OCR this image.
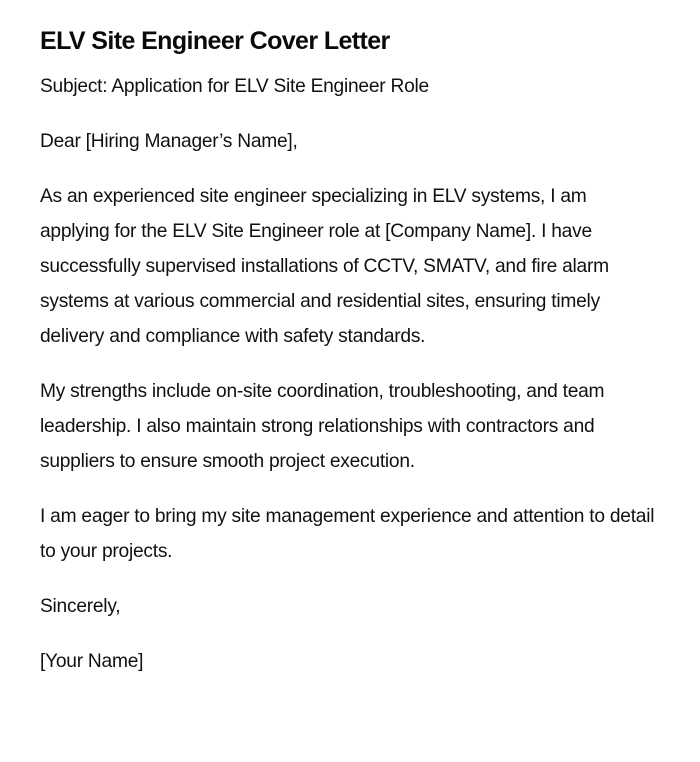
ELV Site Engineer Cover Letter

Subject: Application for ELV Site Engineer Role

Dear [Hiring Manager’s Name],

As an experienced site engineer specializing in ELV systems, I am applying for the ELV Site Engineer role at [Company Name]. I have successfully supervised installations of CCTV, SMATV, and fire alarm systems at various commercial and residential sites, ensuring timely delivery and compliance with safety standards.

My strengths include on-site coordination, troubleshooting, and team leadership. I also maintain strong relationships with contractors and suppliers to ensure smooth project execution.

I am eager to bring my site management experience and attention to detail to your projects.

Sincerely,

[Your Name]
